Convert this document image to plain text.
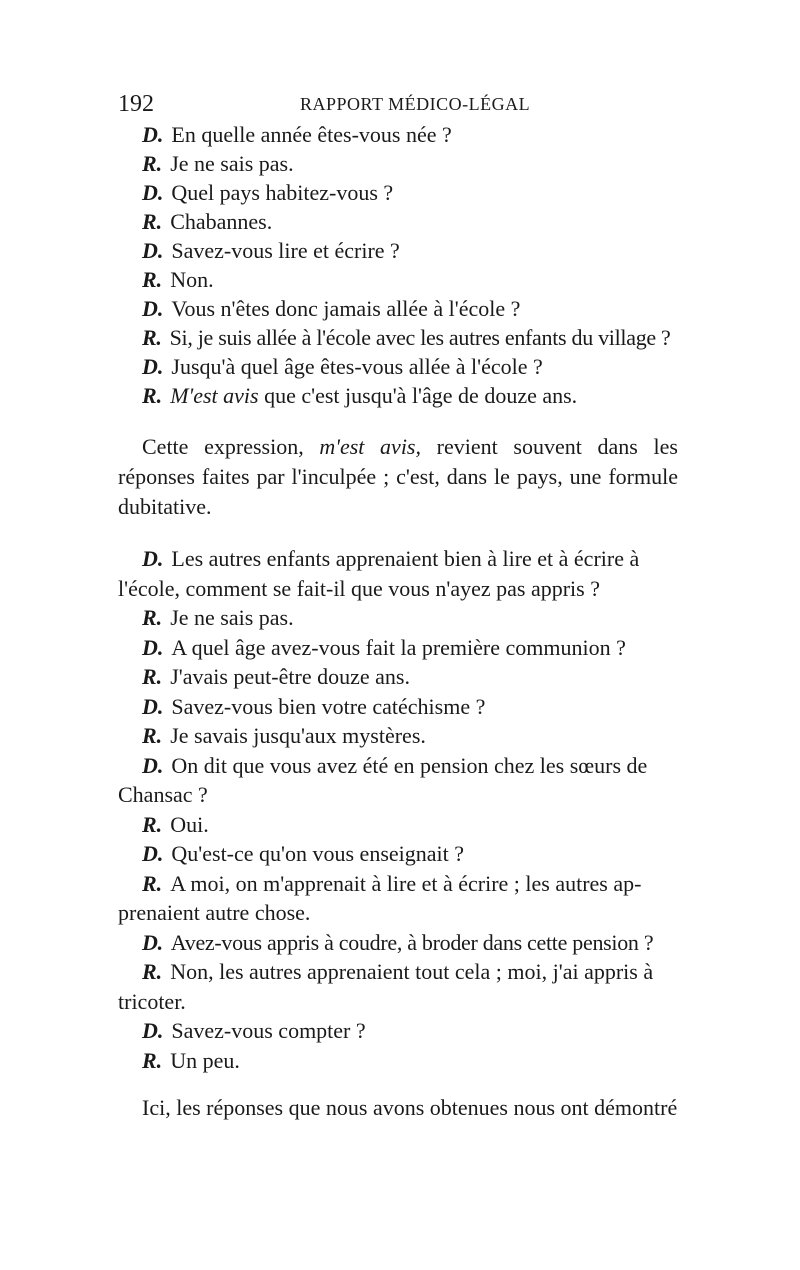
192	RAPPORT MÉDICO-LÉGAL

D. En quelle année êtes-vous née ?

R. Je ne sais pas.

D. Quel pays habitez-vous ?

R. Chabannes.

D. Savez-vous lire et écrire ?

R. Non.

D. Vous n'êtes donc jamais allée à l'école ?

R. Si, je suis allée à l'école avec les autres enfants du village ?

D. Jusqu'à quel âge êtes-vous allée à l'école ?

R. M'est avis que c'est jusqu'à l'âge de douze ans.

Cette expression, m'est avis, revient souvent dans les réponses faites par l'inculpée ; c'est, dans le pays, une formule dubitative.

D. Les autres enfants apprenaient bien à lire et à écrire à

l'école, comment se fait-il que vous n'ayez pas appris ?

R. Je ne sais pas.

D. A quel âge avez-vous fait la première communion ?

R. J'avais peut-être douze ans.

D. Savez-vous bien votre catéchisme ?

R. Je savais jusqu'aux mystères.

D. On dit que vous avez été en pension chez les sœurs de

Chansac ?

R. Oui.

D. Qu'est-ce qu'on vous enseignait ?

R. A moi, on m'apprenait à lire et à écrire ; les autres ap-

prenaient autre chose.

D. Avez-vous appris à coudre, à broder dans cette pension ?

R. Non, les autres apprenaient tout cela ; moi, j'ai appris à

tricoter.

D. Savez-vous compter ?

R. Un peu.

Ici, les réponses que nous avons obtenues nous ont démontré
